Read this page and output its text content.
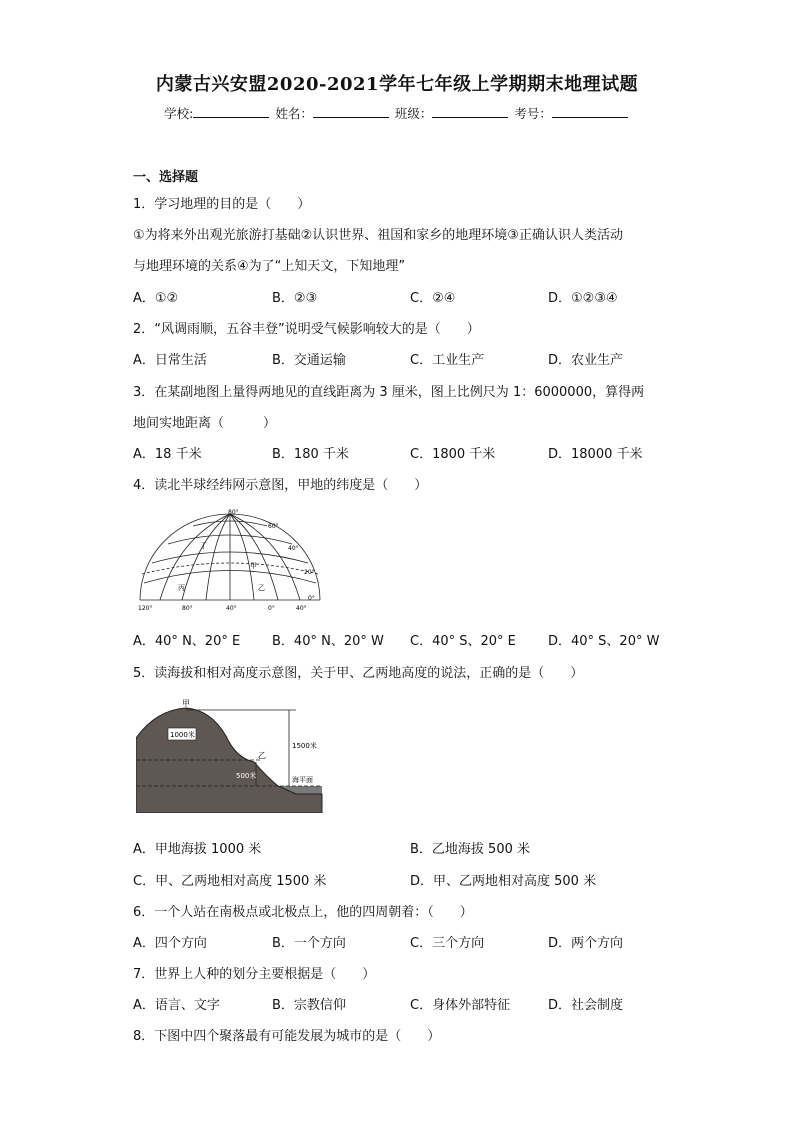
内蒙古兴安盟2020-2021学年七年级上学期期末地理试题
学校:	姓名：	班级：	考号：
一、选择题
1．学习地理的目的是（　　）
①为将来外出观光旅游打基础②认识世界、祖国和家乡的地理环境③正确认识人类活动
与地理环境的关系④为了“上知天文，下知地理”
A．①②	B．②③	C．②④	D．①②③④
2．“风调雨顺，五谷丰登”说明受气候影响较大的是（　　）
A．日常生活	B．交通运输	C．工业生产	D．农业生产
3．在某副地图上量得两地见的直线距离为 3 厘米，图上比例尺为 1：6000000，算得两
地间实地距离（　　　）
A．18 千米	B．180 千米	C．1800 千米	D．18000 千米
4．读北半球经纬网示意图，甲地的纬度是（　　）
80°
60°
40°
20°
0°
120°	80°	40°	0°	40°
甲
乙
丙
丁
A．40° N、20° E B．40° N、20° W C．40° S、20° E D．40° S、20° W
5．读海拔和相对高度示意图，关于甲、乙两地高度的说法，正确的是（　　）
甲
乙
1000米
1500米
500米	海平面
A．甲地海拔 1000 米	B．乙地海拔 500 米
C．甲、乙两地相对高度 1500 米	D．甲、乙两地相对高度 500 米
6．一个人站在南极点或北极点上，他的四周朝着：（　　）
A．四个方向	B．一个方向	C．三个方向	D．两个方向
7．世界上人种的划分主要根据是（　　）
A．语言、文字	B．宗教信仰	C．身体外部特征	D．社会制度
8．下图中四个聚落最有可能发展为城市的是（　　）
